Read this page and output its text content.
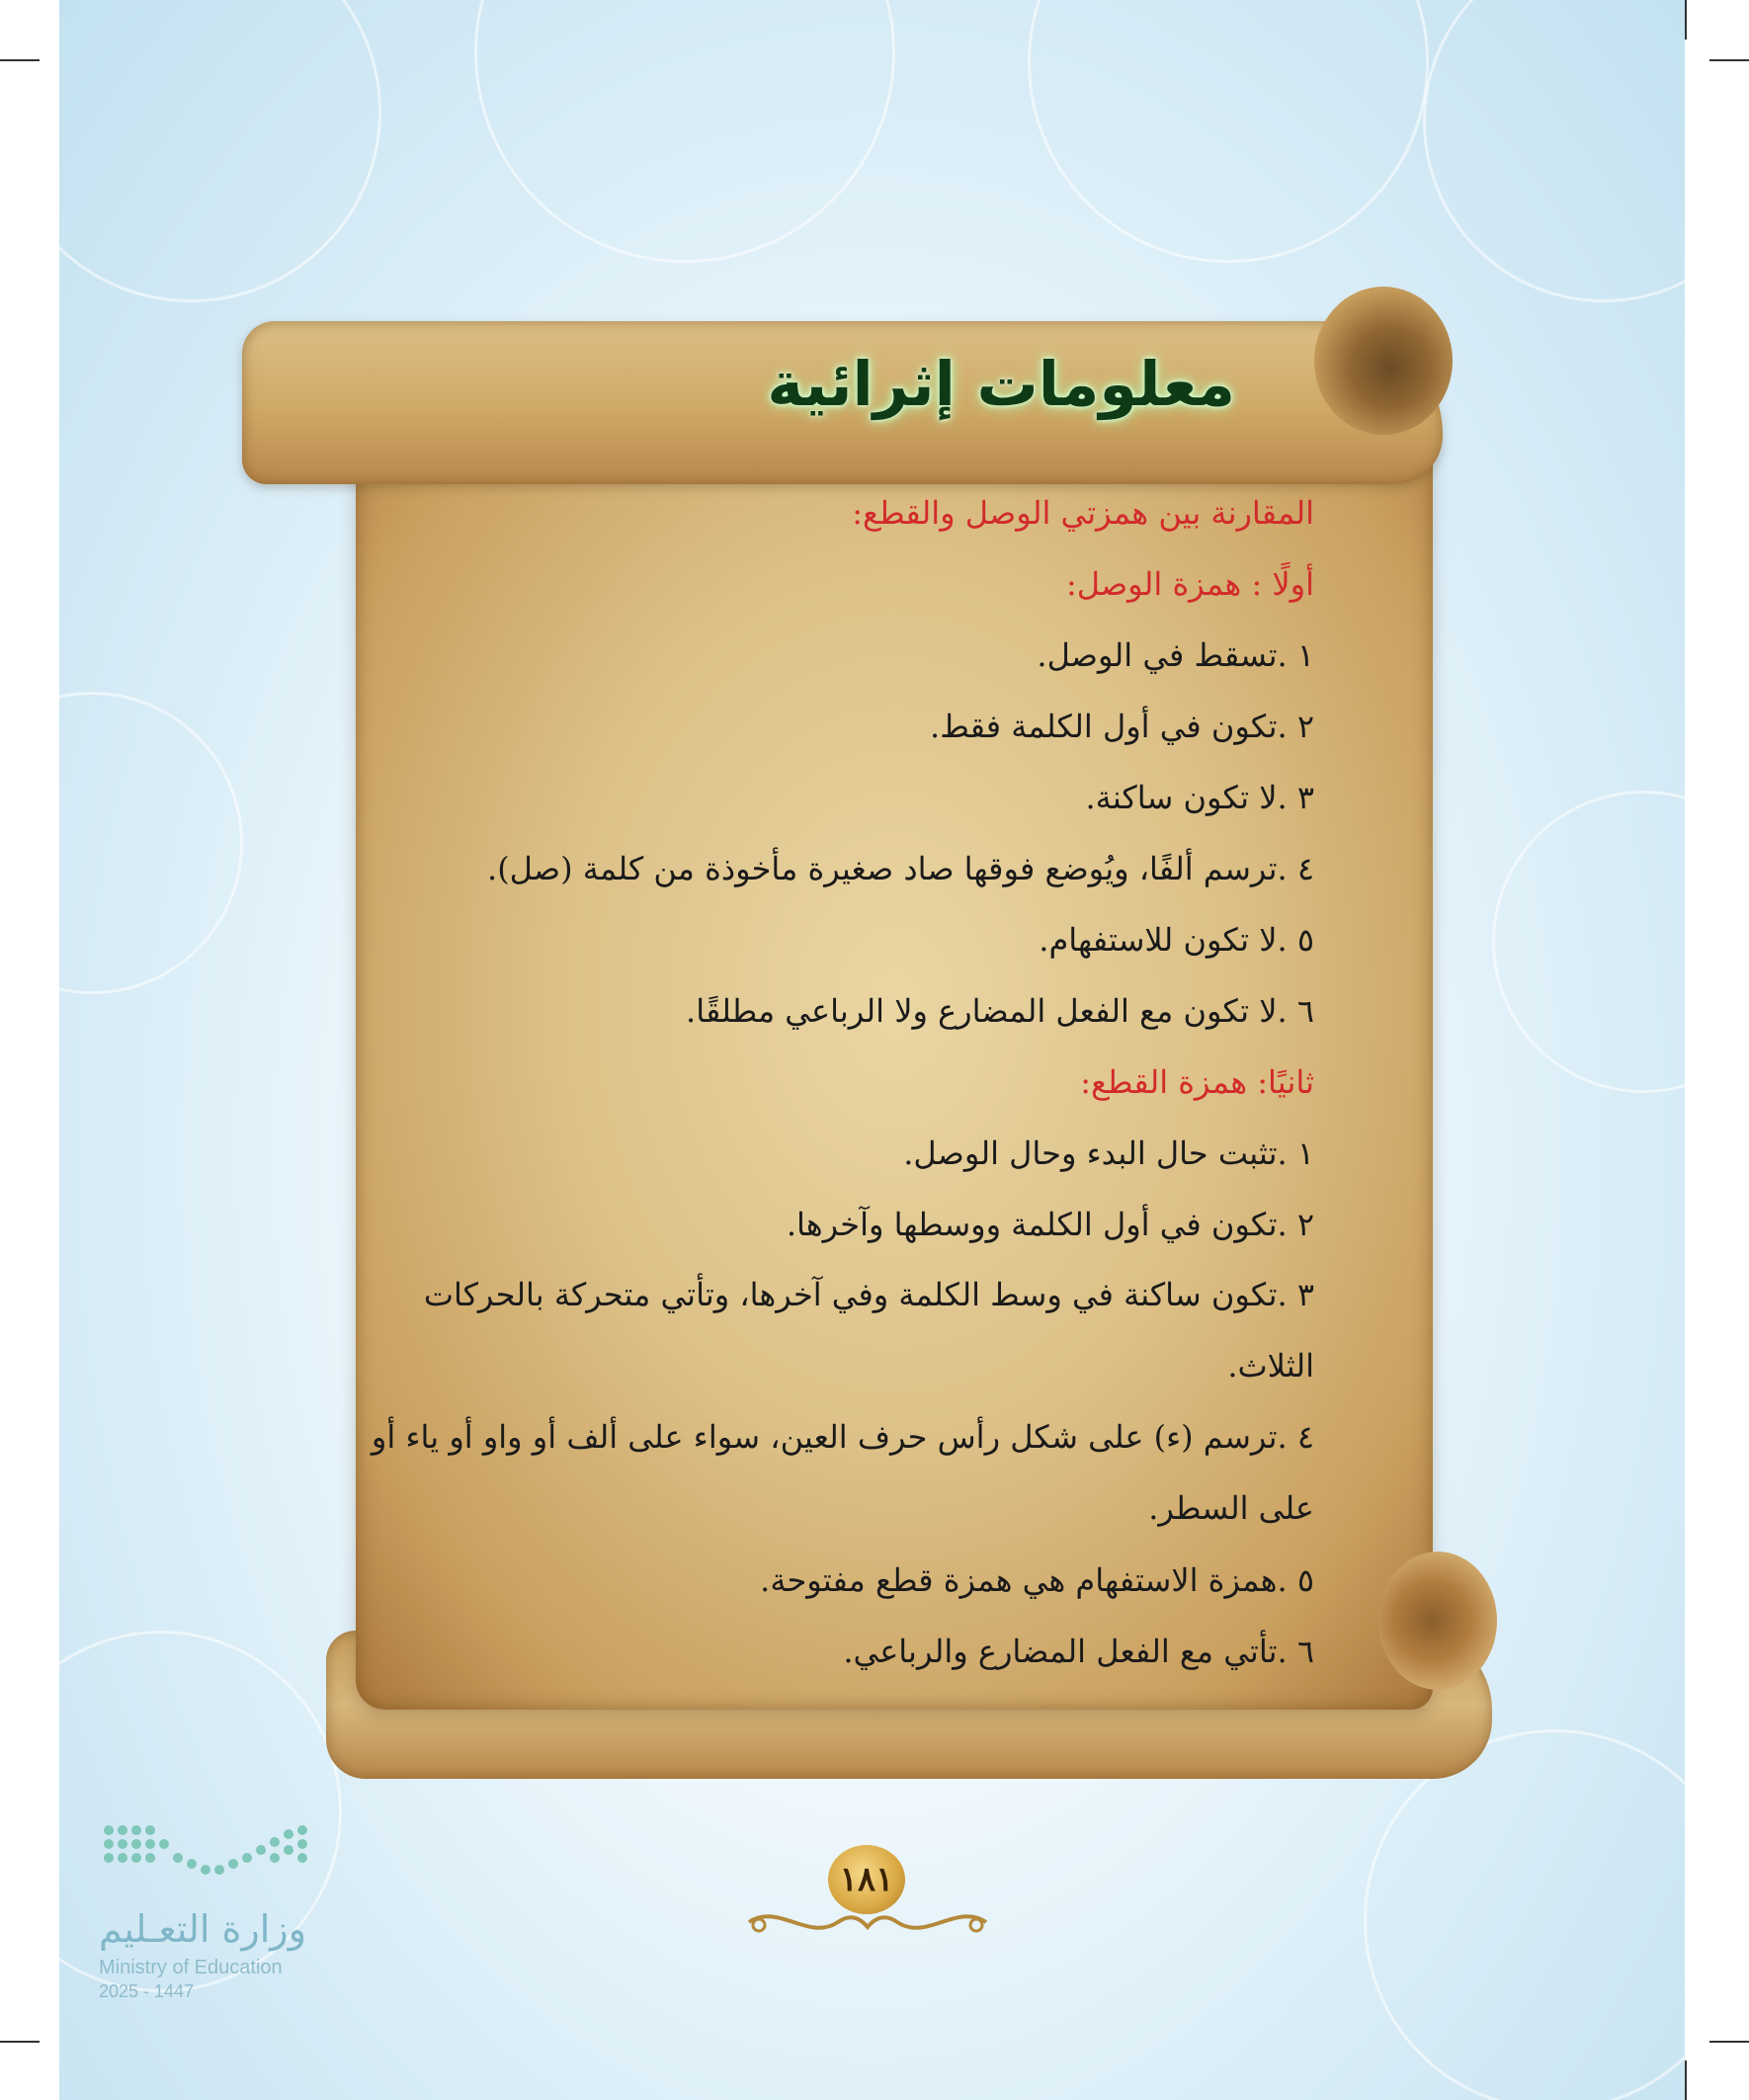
معلومات إثرائية
المقارنة بين همزتي الوصل والقطع:
أولًا : همزة الوصل:
١ .تسقط في الوصل.
٢ .تكون في أول الكلمة فقط.
٣ .لا تكون ساكنة.
٤ .ترسم ألفًا، ويُوضع فوقها صاد صغيرة مأخوذة من كلمة (صل).
٥ .لا تكون للاستفهام.
٦ .لا تكون مع الفعل المضارع ولا الرباعي مطلقًا.
ثانيًا: همزة القطع:
١ .تثبت حال البدء وحال الوصل.
٢ .تكون في أول الكلمة ووسطها وآخرها.
٣ .تكون ساكنة في وسط الكلمة وفي آخرها، وتأتي متحركة بالحركات الثلاث.
٤ .ترسم (ء) على شكل رأس حرف العين، سواء على ألف أو واو أو ياء أو على السطر.
٥ .همزة الاستفهام هي همزة قطع مفتوحة.
٦ .تأتي مع الفعل المضارع والرباعي.
١٨١
وزارة التعـليم
Ministry of Education
2025 - 1447
